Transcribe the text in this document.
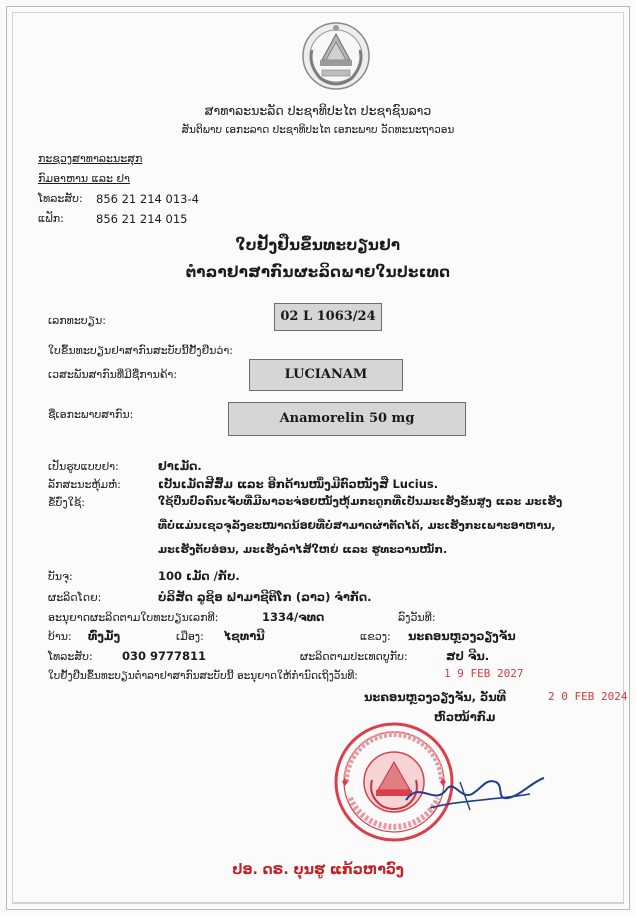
ສາທາລະນະລັດ ປະຊາທິປະໄຕ ປະຊາຊົນລາວ
ສັນຕິພາບ ເອກະລາດ ປະຊາທິປະໄຕ ເອກະພາບ ວັດທະນະຖາວອນ
ກະຊວງສາທາລະນະສຸກ
ກົມອາຫານ ແລະ ຢາ
ໂທລະສັບ: 856 21 214 013-4
ແຟັກ:	856 21 214 015
ໃບຢັ້ງຢືນຂຶ້ນທະບຽນຢາ
ຕຳລາຢາສາກົນຜະລິດພາຍໃນປະເທດ
ເລກທະບຽນ:	02 L 1063/24
ໃບຂຶ້ນທະບຽນຢາສາກົນສະບັບນີ້ຢັ້ງຢືນວ່າ:
ເວສະພັນສາກົນທີ່ມີຊື່ການຄ້າ:	LUCIANAM
ຊື່ເອກະພາບສາກົນ:	Anamorelin 50 mg
ເປັນຮູບແບບຢາ:	ຢາເມັດ.
ລັກສະນະຫຸ້ມຫໍ່:	ເປັນເມັດສີສົ້ມ ແລະ ອີກດ້ານໜຶ່ງມີຕົວໜັງສື Lucius.
ຂໍ້ບົ່ງໃຊ້:	ໃຊ້ປິ່ນປົວຄົນເຈັບທີ່ມີພາວະຈ່ອຍໜັງຫຸ້ມກະດູກທີ່ເປັນມະເຮັງຂັ້ນສູງ ແລະ ມະເຮັງ
ທີ່ບໍ່ແມ່ນເຊວຈຸລັງຂະໜາດນ້ອຍທີ່ບໍ່ສາມາດຜ່າຕັດໄດ້, ມະເຮັງກະເພາະອາຫານ,
ມະເຮັງຕັບອ່ອນ, ມະເຮັງລຳໄສ້ໃຫຍ່ ແລະ ຮູທະວານໜັກ.
ບັນຈຸ:	100 ເມັດ /ກັບ.
ຜະລິດໂດຍ:	ບໍລິສັດ ລູຊິອ ຟາມາຊີຕິໂກ (ລາວ) ຈຳກັດ.
ອະນຸຍາດຜະລິດຕາມໃບທະບຽນເລກທີ:	1334/ຈທດ	ລົງວັນທີ:
ບ້ານ: ທົ່ງມັ່ງ	ເມືອງ: ໄຊທານີ	ແຂວງ: ນະຄອນຫຼວງວຽງຈັນ
ໂທລະສັບ:	030 9777811	ຜະລິດຕາມປະເທດບູກັບ:	ສປ ຈີນ.
ໃບຢັ້ງຢືນຂຶ້ນທະບຽນຕຳລາຢາສາກົນສະບັບນີ້ ອະນຸຍາດໃຫ້ກຳນົດເຖິງວັນທີ:	1 9 FEB 2027
ນະຄອນຫຼວງວຽງຈັນ, ວັນທີ	2 0 FEB 2024
ຫົວໜ້າກົມ
ປອ. ດຣ. ບຸນຮູ ແກ້ວຫາວົງ
